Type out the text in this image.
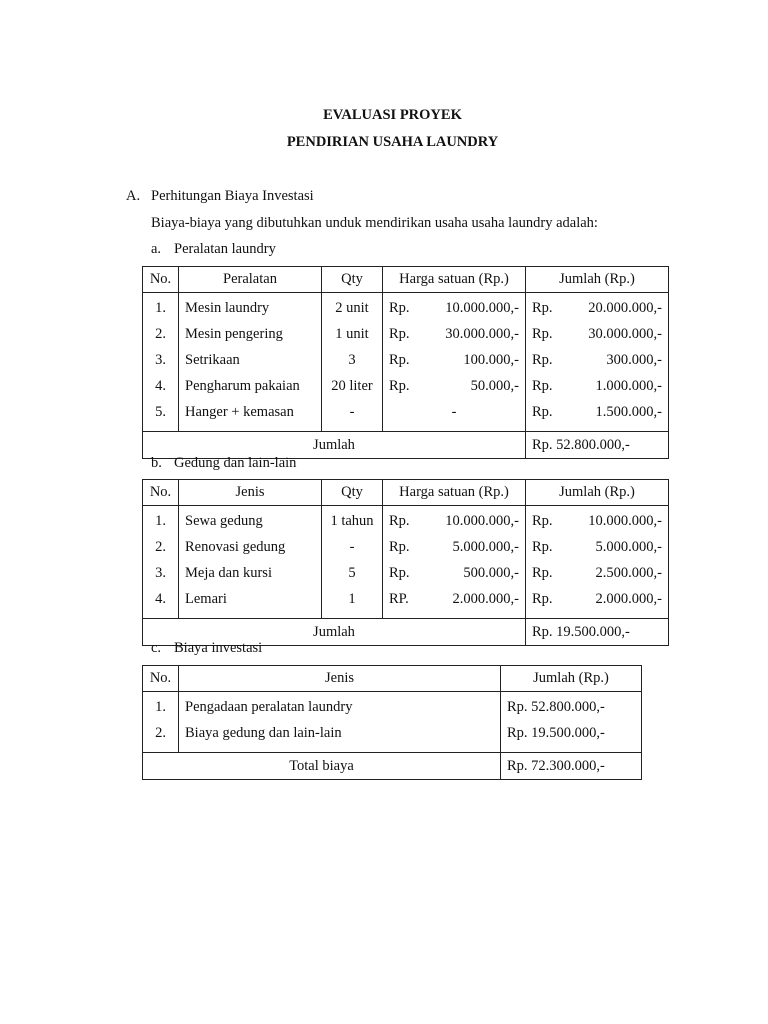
EVALUASI PROYEK
PENDIRIAN USAHA LAUNDRY
A. Perhitungan Biaya Investasi
Biaya-biaya yang dibutuhkan unduk mendirikan usaha usaha laundry adalah:
a. Peralatan laundry
No.	Peralatan	Qty	Harga satuan (Rp.)	Jumlah (Rp.)
1.	Mesin laundry	2 unit	Rp. 10.000.000,-	Rp. 20.000.000,-

2.	Mesin pengering	1 unit	Rp. 30.000.000,-	Rp. 30.000.000,-

3.	Setrikaan	3	Rp. 100.000,-	Rp. 300.000,-

4.	Pengharum pakaian	20 liter	Rp. 50.000,-	Rp. 1.000.000,-

5.	Hanger + kemasan	-	-	Rp. 1.500.000,-

Jumlah				Rp. 52.800.000,-
b. Gedung dan lain-lain
No.	Jenis	Qty	Harga satuan (Rp.)	Jumlah (Rp.)
1.	Sewa gedung	1 tahun	Rp. 10.000.000,-	Rp. 10.000.000,-

2.	Renovasi gedung	-	Rp. 5.000.000,-	Rp. 5.000.000,-

3.	Meja dan kursi	5	Rp. 500.000,-	Rp. 2.500.000,-

4.	Lemari	1	RP. 2.000.000,-	Rp. 2.000.000,-

Jumlah				Rp. 19.500.000,-
c. Biaya investasi
No.	Jenis	Jumlah (Rp.)
1.	Pengadaan peralatan laundry	Rp. 52.800.000,-
2.	Biaya gedung dan lain-lain	Rp. 19.500.000,-
Total biaya		Rp. 72.300.000,-
